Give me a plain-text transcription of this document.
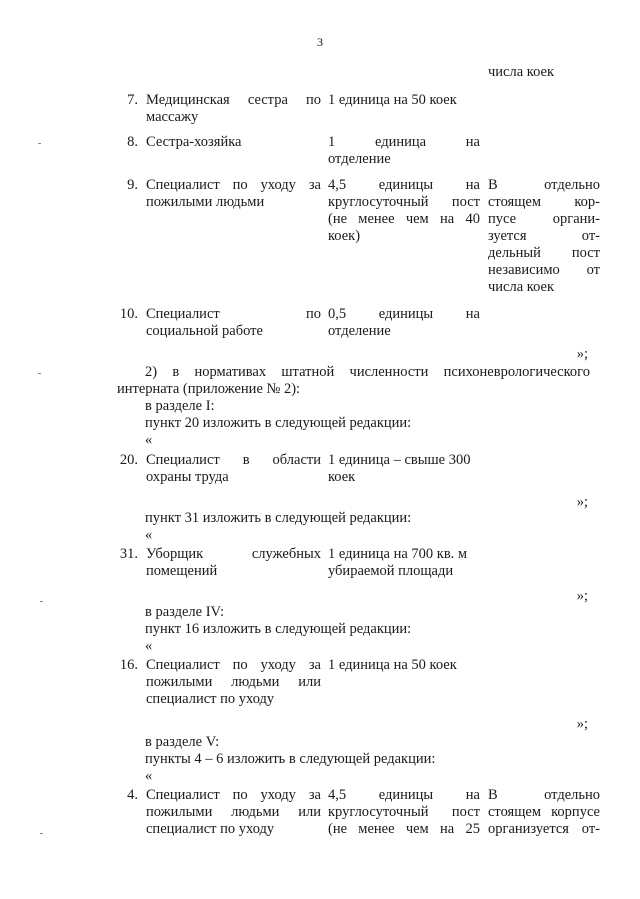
3
числа коек
7. Медицинская сестра по
массажу
1 единица на 50 коек
8. Сестра-хозяйка	1 единица на
отделение
9. Специалист по уходу за
пожилыми людьми
4,5 единицы на
круглосуточный пост
(не менее чем на 40
коек)
В отдельно
стоящем кор-
пусе органи-
зуется от-
дельный пост
независимо от
числа коек
10. Специалист по
социальной работе
0,5 единицы на
отделение
»;
2) в нормативах штатной численности психоневрологического
интерната (приложение № 2):
в разделе I:
пункт 20 изложить в следующей редакции:
«
20. Специалист в области
охраны труда
1 единица – свыше 300
коек
»;
пункт 31 изложить в следующей редакции:
«
31. Уборщик служебных
помещений
1 единица на 700 кв. м
убираемой площади
»;
в разделе IV:
пункт 16 изложить в следующей редакции:
«
16. Специалист по уходу за
пожилыми людьми или
специалист по уходу
1 единица на 50 коек
»;
в разделе V:
пункты 4 – 6 изложить в следующей редакции:
«
4. Специалист по уходу за
пожилыми людьми или
специалист по уходу
4,5 единицы на
круглосуточный пост
(не менее чем на 25
В отдельно
стоящем корпусе
организуется от-
